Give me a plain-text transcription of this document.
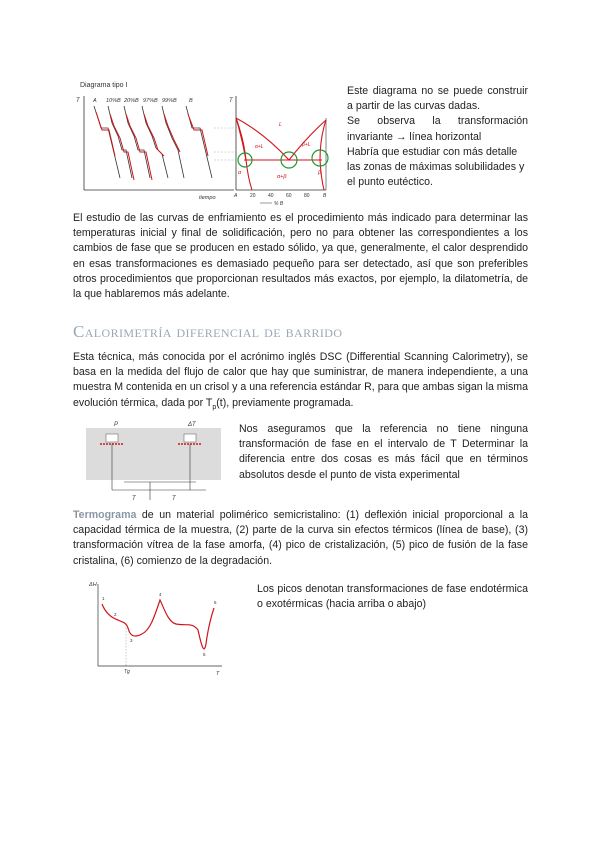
Diagrama tipo I
T A 10%B 20%B 97%B 99%B B
tiempo
T
L
α+L	β+L
α	β
α+β
A	20 40 60 80	B
% B
Este diagrama no se puede construir a partir de las curvas dadas.
Se observa la transformación invariante → línea horizontal
Habría que estudiar con más detalle las zonas de máximas solubilidades y el punto eutéctico.

El estudio de las curvas de enfriamiento es el procedimiento más indicado para determinar las temperaturas inicial y final de solidificación, pero no para obtener las correspondientes a los cambios de fase que se producen en estado sólido, ya que, generalmente, el calor desprendido en esas transformaciones es demasiado pequeño para ser detectado, así que son preferibles otros procedimientos que proporcionan resultados más exactos, por ejemplo, la dilatometría, de la que hablaremos más adelante.

Calorimetría diferencial de barrido

Esta técnica, más conocida por el acrónimo inglés DSC (Differential Scanning Calorimetry), se basa en la medida del flujo de calor que hay que suministrar, de manera independiente, a una muestra M contenida en un crisol y a una referencia estándar R, para que ambas sigan la misma evolución térmica, dada por $T_p(t)$, previamente programada.

P	ΔT
T	T

Nos aseguramos que la referencia no tiene ninguna transformación de fase en el intervalo de T Determinar la diferencia entre dos cosas es más fácil que en términos absolutos desde el punto de vista experimental

Termograma de un material polimérico semicristalino: (1) deflexión inicial proporcional a la capacidad térmica de la muestra, (2) parte de la curva sin efectos térmicos (línea de base), (3) transformación vítrea de la fase amorfa, (4) pico de cristalización, (5) pico de fusión de la fase cristalina, (6) comienzo de la degradación.

ΔH
T
Tg
1
2
3
4
5
6

Los picos denotan transformaciones de fase endotérmica o exotérmicas (hacia arriba o abajo)
